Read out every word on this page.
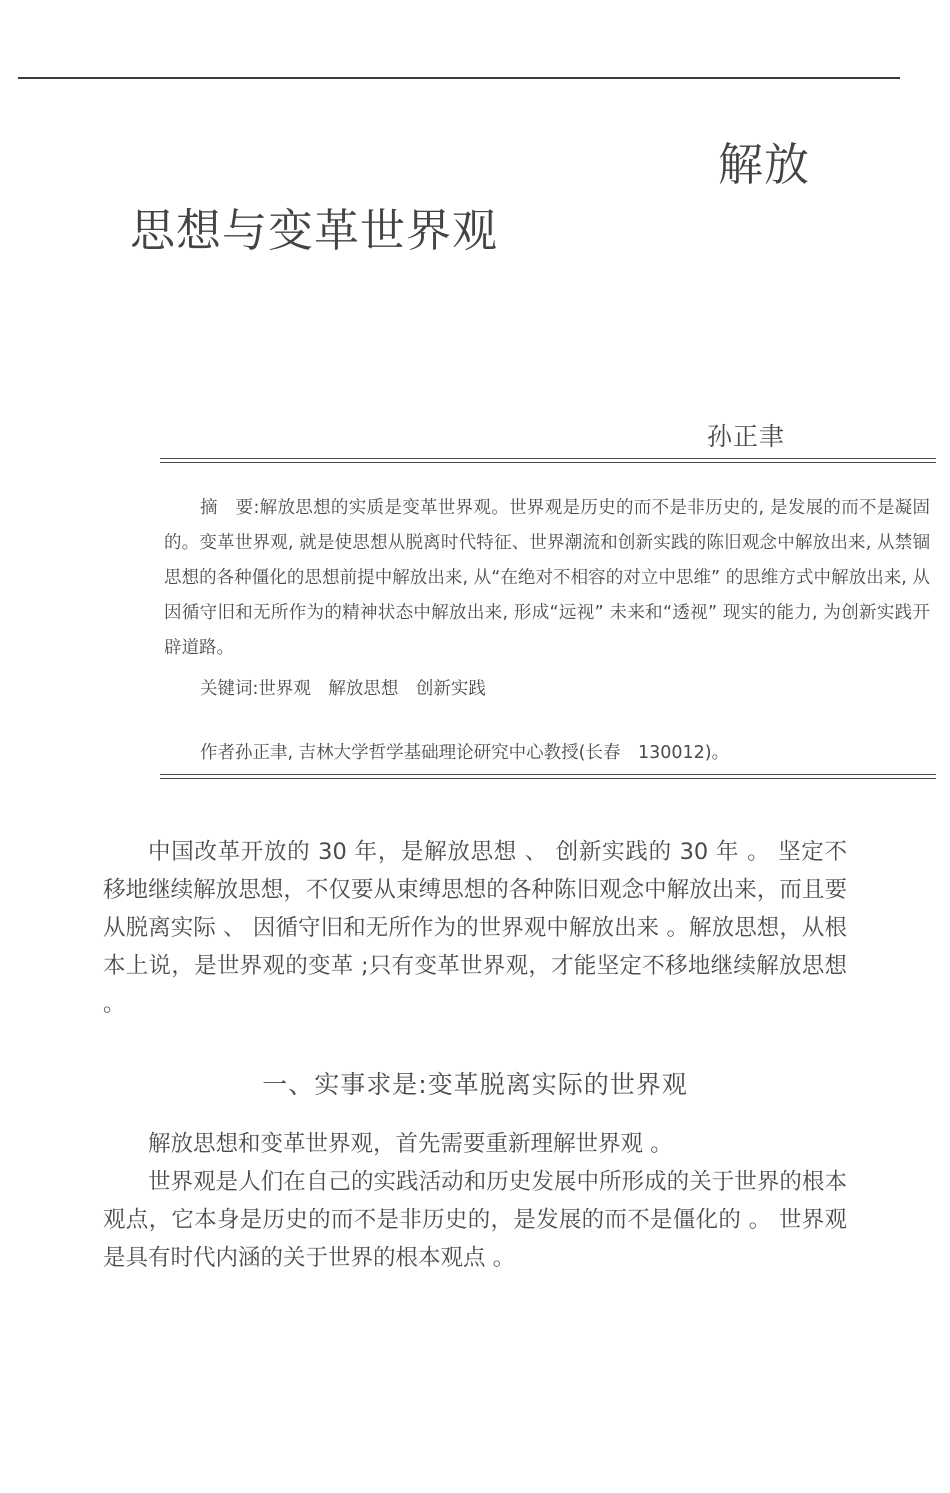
解放
思想与变革世界观
孙正聿

摘　要:解放思想的实质是变革世界观。世界观是历史的而不是非历史的, 是发展的而不是凝固的。变革世界观, 就是使思想从脱离时代特征、世界潮流和创新实践的陈旧观念中解放出来, 从禁锢思想的各种僵化的思想前提中解放出来, 从“在绝对不相容的对立中思维” 的思维方式中解放出来, 从因循守旧和无所作为的精神状态中解放出来, 形成“远视” 未来和“透视” 现实的能力, 为创新实践开辟道路。

关键词:世界观　解放思想　创新实践

作者孙正聿, 吉林大学哲学基础理论研究中心教授(长春　130012)。

中国改革开放的 30 年，是解放思想 、 创新实践的 30 年 。 坚定不移地继续解放思想，不仅要从束缚思想的各种陈旧观念中解放出来，而且要从脱离实际 、 因循守旧和无所作为的世界观中解放出来 。解放思想，从根本上说，是世界观的变革 ;只有变革世界观，才能坚定不移地继续解放思想 。

一、实事求是:变革脱离实际的世界观

解放思想和变革世界观，首先需要重新理解世界观 。

世界观是人们在自己的实践活动和历史发展中所形成的关于世界的根本观点，它本身是历史的而不是非历史的，是发展的而不是僵化的 。 世界观是具有时代内涵的关于世界的根本观点 。
